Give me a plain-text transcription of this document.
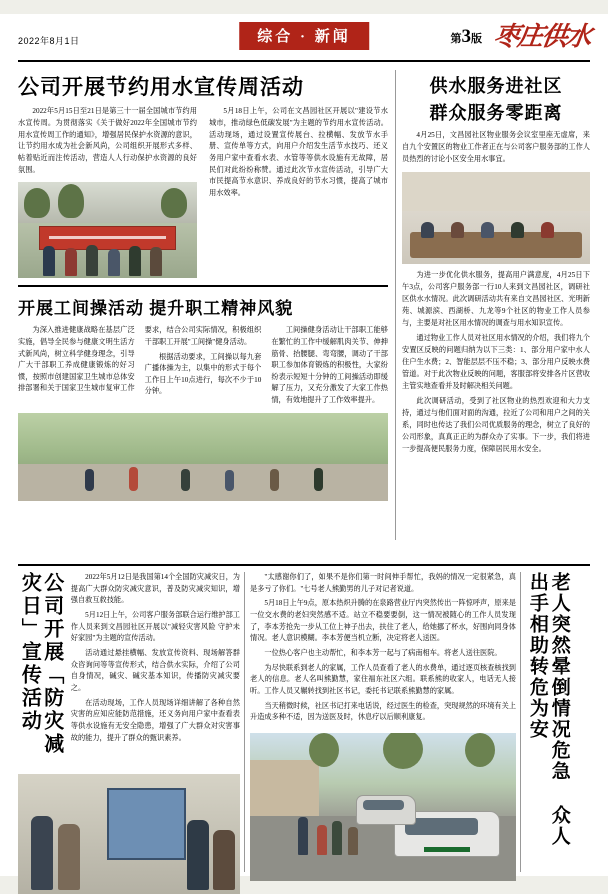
2022年8月1日	综合 · 新闻	第3版 枣庄供水
公司开展节约用水宣传周活动

2022年5月15日至21日是第三十一届全国城市节约用水宣传周。为贯彻落实《关于做好2022年全国城市节约用水宣传周工作的通知》，增强居民保护水资源的意识，让节约用水成为社会新风尚，公司组织开展形式多样、帖着贴近而注传活动，营造人人行动保护水资源的良好氛围。

5月18日上午，公司在文昌园社区开展以"建设节水城市，推动绿色低碳发展"为主题的节约用水宣传活动。活动现场，通过设置宣传展台、拉横幅、发放节水手册、宣传单等方式，向用户介绍发生活节水技巧、还义务用户家中查看水表、水管等等供水设施有无故障，居民们对此纷纷称赞。通过此次节水宣传活动，引导广大市民提高节水意识、养成良好的节水习惯，提高了城市用水效率。

开展工间操活动 提升职工精神风貌

为深入推进健康战略在基层广泛实施，倡导全民参与健康文明生活方式新风尚，树立科学健身理念，引导广大干部职工养成健康锻炼的好习惯，按照市创建国家卫生城市总体安排部署和关于国家卫生城市复审工作要求，结合公司实际情况，积极组织干部职工开展"工间操"健身活动。

根据活动要求，工间操以每九套广播体操为主，以集中的形式于每个工作日上午10点进行，每次不少于10分钟。

工间操健身活动让干部职工能够在繁忙的工作中缓解肌肉关节、伸抻筋骨、抬腰腿、弯弯腰，调动了干部职工参加体育锻炼的积极性，大家纷纷表示短短十分钟的工间操活动即缓解了压力，又充分激发了大家工作热情，有效地提升了工作效率提升。

供水服务进社区
群众服务零距离

4月25日，文昌园社区物业服务会议室里座无虚席，来自九个安置区的物业工作者正在与公司客户服务部的工作人员热烈的讨论小区安全用水事宜。

为进一步优化供水服务，提高用户满意度，4月25日下午3点，公司客户服务部一行10人来到文昌园社区，调研社区供水水情况。此次调研活动共有来自文昌园社区、光明新苑、城源滨、西湖桥、九龙等9个社区的物业工作人员参与，主要是对社区用水情况的调查与用水知识宣传。

通过物业工作人员对社区用水情况的介绍，我们将九个安置区反映的问题归纳为以下三类：1、部分用户家中水人住户生水费；2、智能层层不压不稳；3、部分用户反映水费管道。对于此次物业反映的问题，客服部将安排各片区营收主管实地查看并及时解决相关问题。

此次调研活动，受到了社区物业的热烈欢迎和大力支持，通过与他们面对面的沟通，拉近了公司和用户之间的关系，同时也传达了我们公司优质服务的理念，树立了良好的公司形象，真真正正的为群众办了实事。下一步，我们将进一步提高便民服务力度，保障居民用水安全。

公司开展「防灾减灾日」宣传活动	2022年5月12日是我国第14个全国防灾减灾日，为提高广大群众防灾减灾意识，普及防灾减灾知识，增强自救互救技能。

5月12日上午，公司客户服务部联合运行维护部工作人员来到文昌园社区开展以"减轻灾害风险 守护未好家园"为主题的宣传活动。

活动通过悬挂横幅、发放宣传资料、现场解答群众咨询问等等宣传形式，结合供水实际，介绍了公司自身情况，碱灾、碱灾基本知识，传播防灾减灾要之。

在活动现场，工作人员现场详细讲解了各种自然灾害的应知应能防范措施，还义务向用户家中查看表等供水设施有无安全隐患，增强了广大群众对灾害事故的能力，提升了群众的甄识素养。

"太感谢你们了，如果不是你们第一时间伸手帮忙，我妈的情况一定很紧急，真是多亏了你们。"七号老人熊勤男的儿子对记者说道。

5月18日上午9点，原本热炽升腾的在泉路营业厅内突然传出一阵惊呼声，原来是一位交水费的老妇突然感不适。站立不稳要要倒，这一情况被随心的工作人员发现了，李本芳抢先一步从工位上神子出去，扶住了老人，给她挪了杯水，好围向同身体情况。老人意识模糊。李本芳便当机立断，决定将老人送医。

一位热心客户也主动帮忙，和李本芳一起与了病南相车。将老人送往医院。

为尽快联系到老人的家属，工作人员查看了老人的水费单，通过逐页核查核找到老人的信息。老人名叫熊勤慧，家住福东社区六组。联系熊的收家人，电话无人接听。工作人员又辗转找到社区书记，委托书记联系熊勤慧的家属。

当天稍微时候，社区书记打来电话说，经过医生的检查，突现规然的环境有关上升造成多种不适，因为送医及时，休息疗以后顺利康复。	老人突然晕倒情况危急 众人出手相助转危为安
